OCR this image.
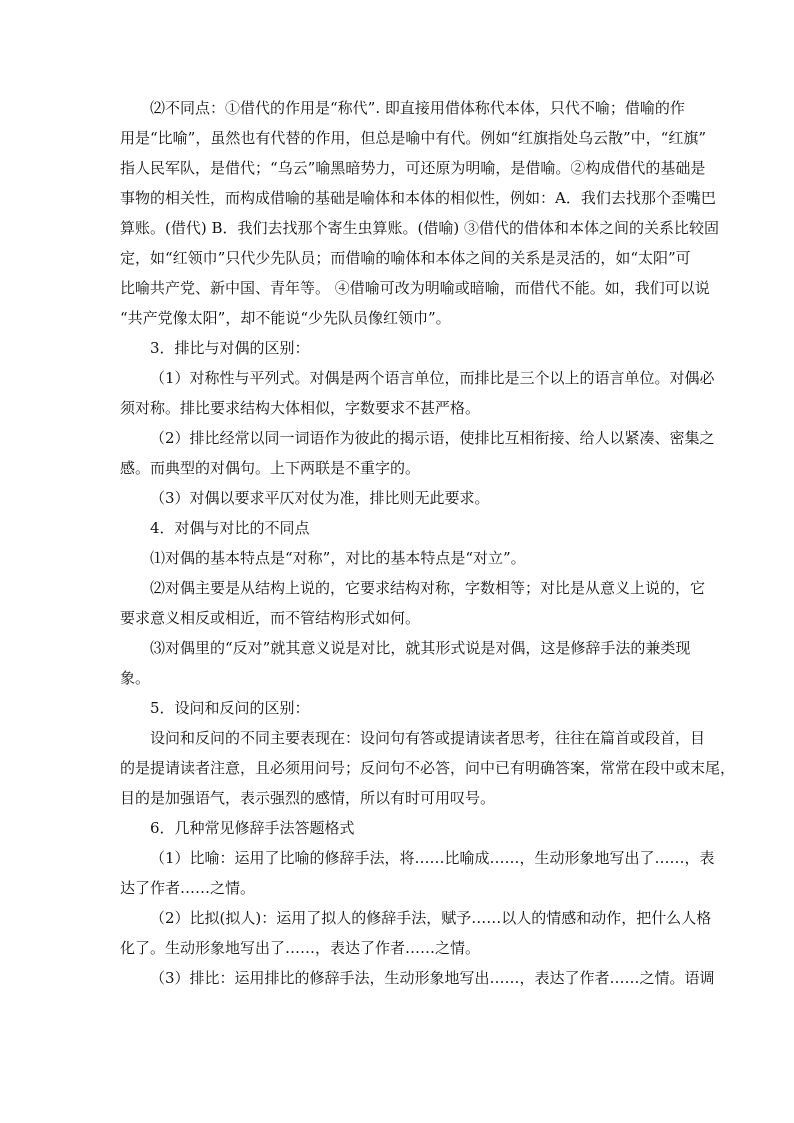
⑵不同点：①借代的作用是“称代”. 即直接用借体称代本体，只代不喻；借喻的作
用是“比喻”，虽然也有代替的作用，但总是喻中有代。例如“红旗指处乌云散”中，“红旗”
指人民军队，是借代；“乌云”喻黑暗势力，可还原为明喻，是借喻。②构成借代的基础是
事物的相关性，而构成借喻的基础是喻体和本体的相似性，例如：A．我们去找那个歪嘴巴
算账。(借代) B．我们去找那个寄生虫算账。(借喻) ③借代的借体和本体之间的关系比较固
定，如“红领巾”只代少先队员；而借喻的喻体和本体之间的关系是灵活的，如“太阳”可
比喻共产党、新中国、青年等。 ④借喻可改为明喻或暗喻，而借代不能。如，我们可以说
“共产党像太阳”，却不能说“少先队员像红领巾”。
3．排比与对偶的区别：
（1）对称性与平列式。对偶是两个语言单位，而排比是三个以上的语言单位。对偶必
须对称。排比要求结构大体相似，字数要求不甚严格。
（2）排比经常以同一词语作为彼此的揭示语，使排比互相衔接、给人以紧凑、密集之
感。而典型的对偶句。上下两联是不重字的。
（3）对偶以要求平仄对仗为准，排比则无此要求。
4．对偶与对比的不同点
⑴对偶的基本特点是“对称”，对比的基本特点是“对立”。
⑵对偶主要是从结构上说的，它要求结构对称，字数相等；对比是从意义上说的，它
要求意义相反或相近，而不管结构形式如何。
⑶对偶里的“反对”就其意义说是对比，就其形式说是对偶，这是修辞手法的兼类现
象。
5．设问和反问的区别：
设问和反问的不同主要表现在：设问句有答或提请读者思考，往往在篇首或段首，目
的是提请读者注意，且必须用问号；反问句不必答，问中已有明确答案，常常在段中或末尾，
目的是加强语气，表示强烈的感情，所以有时可用叹号。
6．几种常见修辞手法答题格式
（1）比喻：运用了比喻的修辞手法，将……比喻成……，生动形象地写出了……，表
达了作者……之情。
（2）比拟(拟人)：运用了拟人的修辞手法，赋予……以人的情感和动作，把什么人格
化了。生动形象地写出了……，表达了作者……之情。
（3）排比：运用排比的修辞手法，生动形象地写出……，表达了作者……之情。语调
